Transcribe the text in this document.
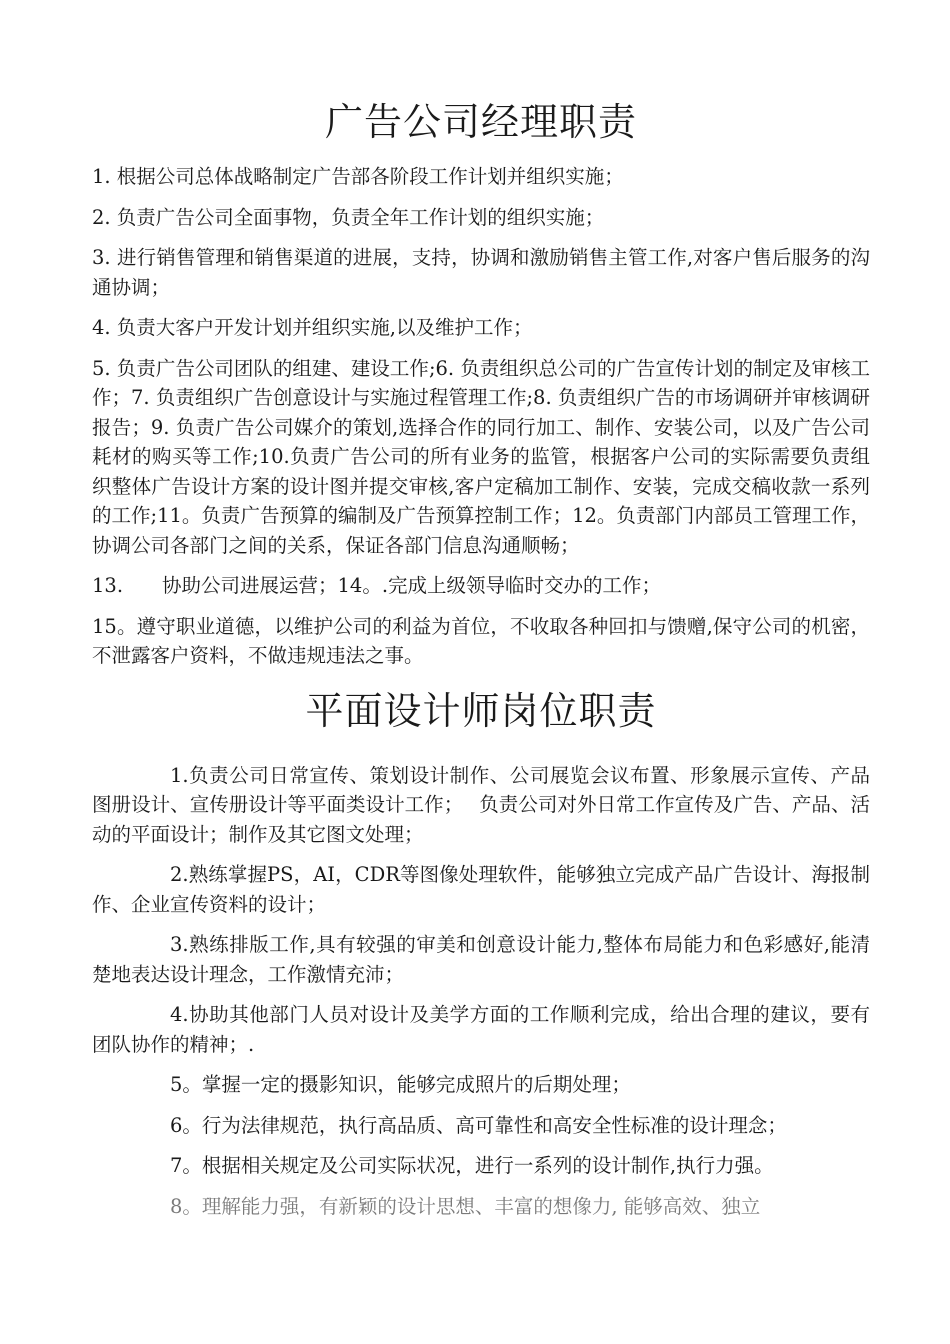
广告公司经理职责

1. 根据公司总体战略制定广告部各阶段工作计划并组织实施；

2. 负责广告公司全面事物，负责全年工作计划的组织实施；

3. 进行销售管理和销售渠道的进展，支持，协调和激励销售主管工作,对客户售后服务的沟通协调；

4. 负责大客户开发计划并组织实施,以及维护工作；

5. 负责广告公司团队的组建、建设工作;6. 负责组织总公司的广告宣传计划的制定及审核工作；7. 负责组织广告创意设计与实施过程管理工作;8. 负责组织广告的市场调研并审核调研报告；9. 负责广告公司媒介的策划,选择合作的同行加工、制作、安装公司，以及广告公司耗材的购买等工作;10.负责广告公司的所有业务的监管，根据客户公司的实际需要负责组织整体广告设计方案的设计图并提交审核,客户定稿加工制作、安装，完成交稿收款一系列的工作;11。负责广告预算的编制及广告预算控制工作；12。负责部门内部员工管理工作，协调公司各部门之间的关系，保证各部门信息沟通顺畅；

13.　　协助公司进展运营；14。.完成上级领导临时交办的工作；

15。遵守职业道德，以维护公司的利益为首位，不收取各种回扣与馈赠,保守公司的机密，不泄露客户资料，不做违规违法之事。

平面设计师岗位职责

1.负责公司日常宣传、策划设计制作、公司展览会议布置、形象展示宣传、产品图册设计、宣传册设计等平面类设计工作；　 负责公司对外日常工作宣传及广告、产品、活动的平面设计；制作及其它图文处理；

2.熟练掌握PS，AI，CDR等图像处理软件，能够独立完成产品广告设计、海报制作、企业宣传资料的设计；

3.熟练排版工作,具有较强的审美和创意设计能力,整体布局能力和色彩感好,能清楚地表达设计理念，工作激情充沛；

4.协助其他部门人员对设计及美学方面的工作顺利完成，给出合理的建议，要有团队协作的精神；.

5。掌握一定的摄影知识，能够完成照片的后期处理；

6。行为法律规范，执行高品质、高可靠性和高安全性标准的设计理念；

7。根据相关规定及公司实际状况，进行一系列的设计制作,执行力强。

8。理解能力强，有新颖的设计思想、丰富的想像力, 能够高效、独立
